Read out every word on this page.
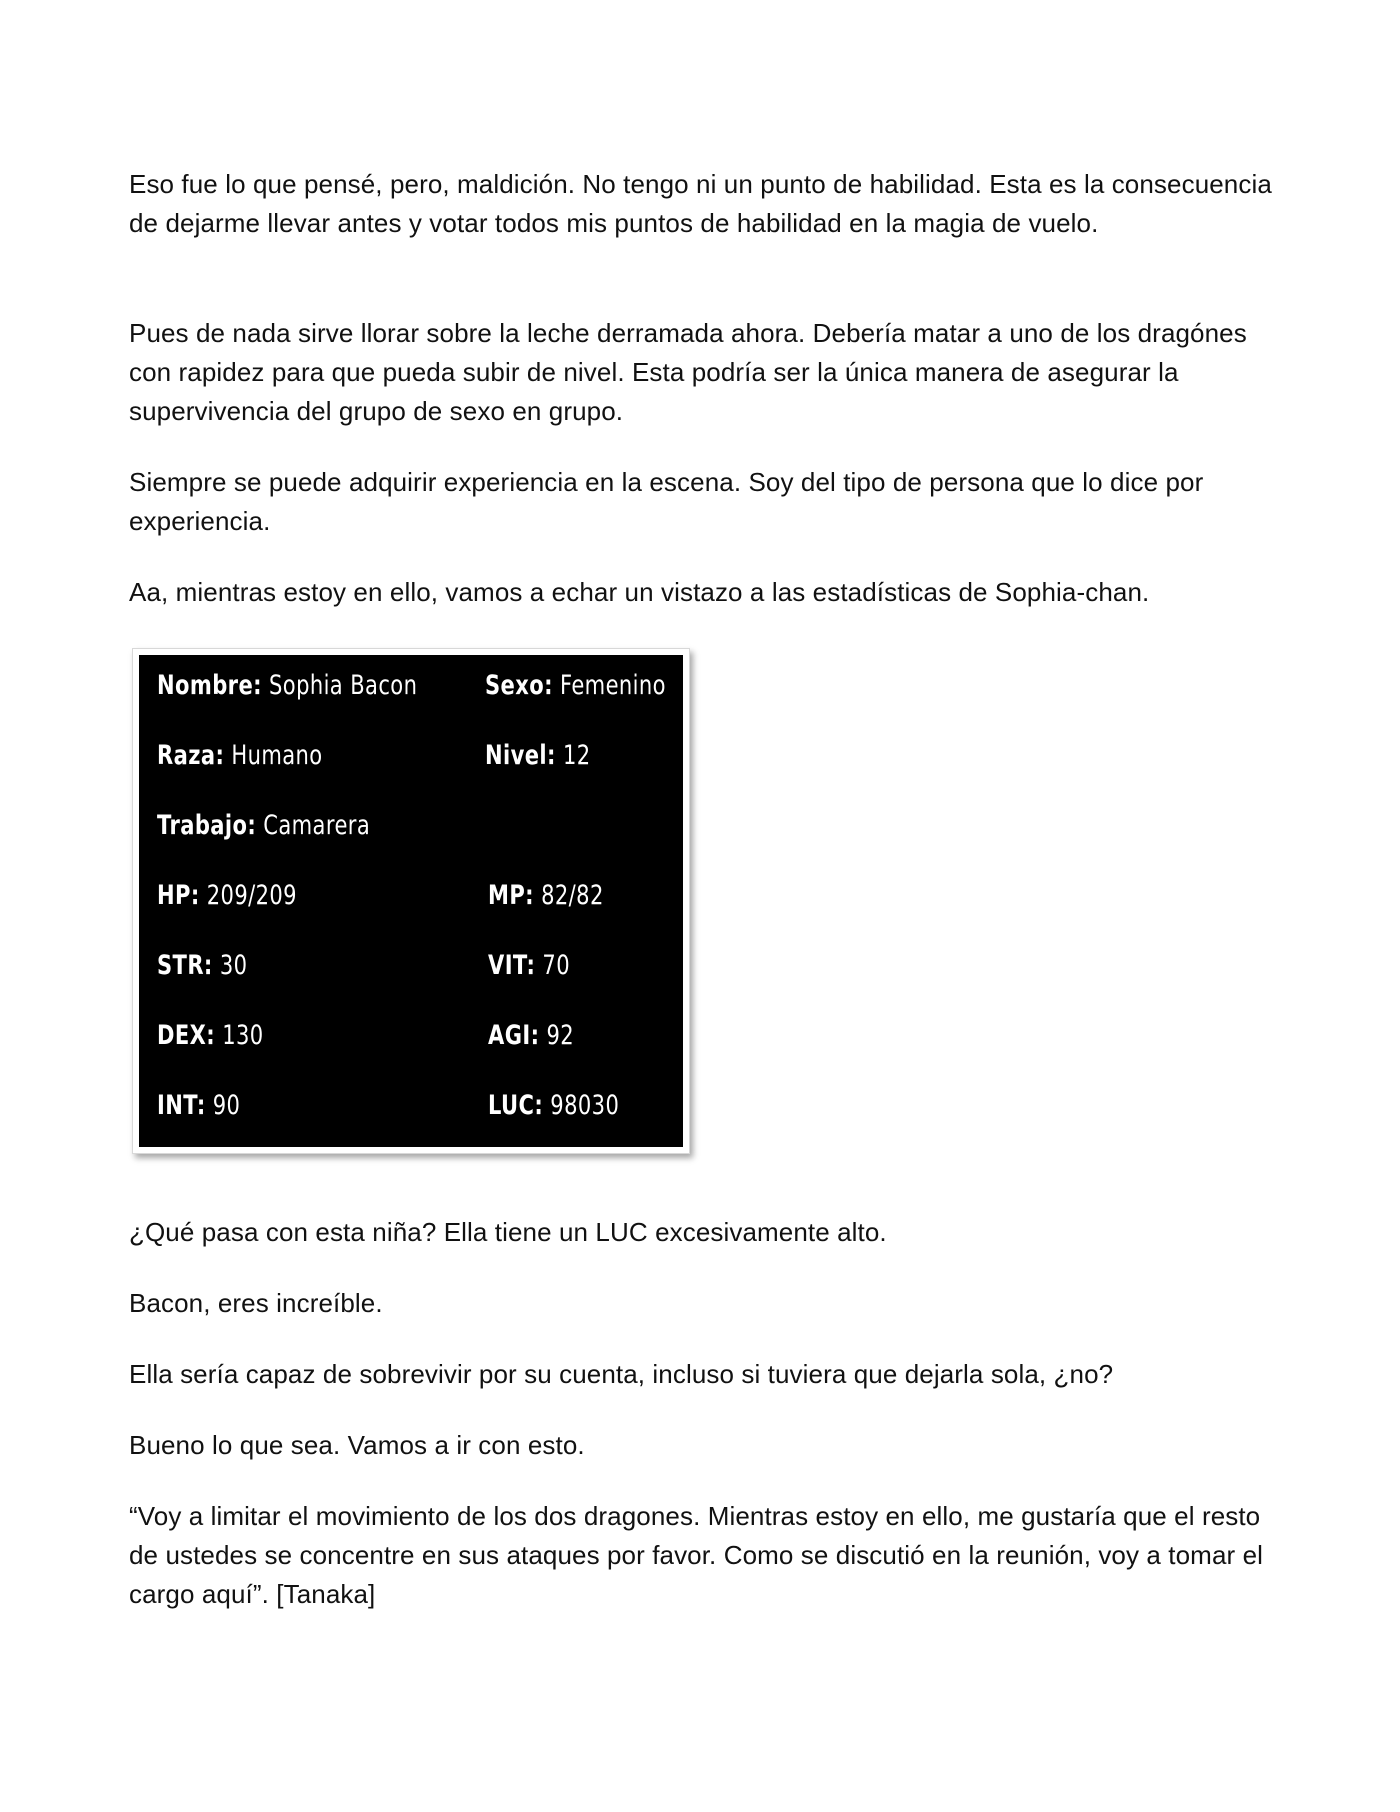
Eso fue lo que pensé, pero, maldición. No tengo ni un punto de habilidad. Esta es la consecuencia de dejarme llevar antes y votar todos mis puntos de habilidad en la magia de vuelo.

Pues de nada sirve llorar sobre la leche derramada ahora. Debería matar a uno de los dragónes con rapidez para que pueda subir de nivel. Esta podría ser la única manera de asegurar la supervivencia del grupo de sexo en grupo.

Siempre se puede adquirir experiencia en la escena. Soy del tipo de persona que lo dice por experiencia.

Aa, mientras estoy en ello, vamos a echar un vistazo a las estadísticas de Sophia-chan.

Nombre: Sophia Bacon	Sexo: Femenino
Raza: Humano	Nivel: 12
Trabajo: Camarera
HP: 209/209	MP: 82/82
STR: 30	VIT: 70
DEX: 130	AGI: 92
INT: 90	LUC: 98030

¿Qué pasa con esta niña? Ella tiene un LUC excesivamente alto.

Bacon, eres increíble.

Ella sería capaz de sobrevivir por su cuenta, incluso si tuviera que dejarla sola, ¿no?

Bueno lo que sea. Vamos a ir con esto.

“Voy a limitar el movimiento de los dos dragones. Mientras estoy en ello, me gustaría que el resto de ustedes se concentre en sus ataques por favor. Como se discutió en la reunión, voy a tomar el cargo aquí”. [Tanaka]
